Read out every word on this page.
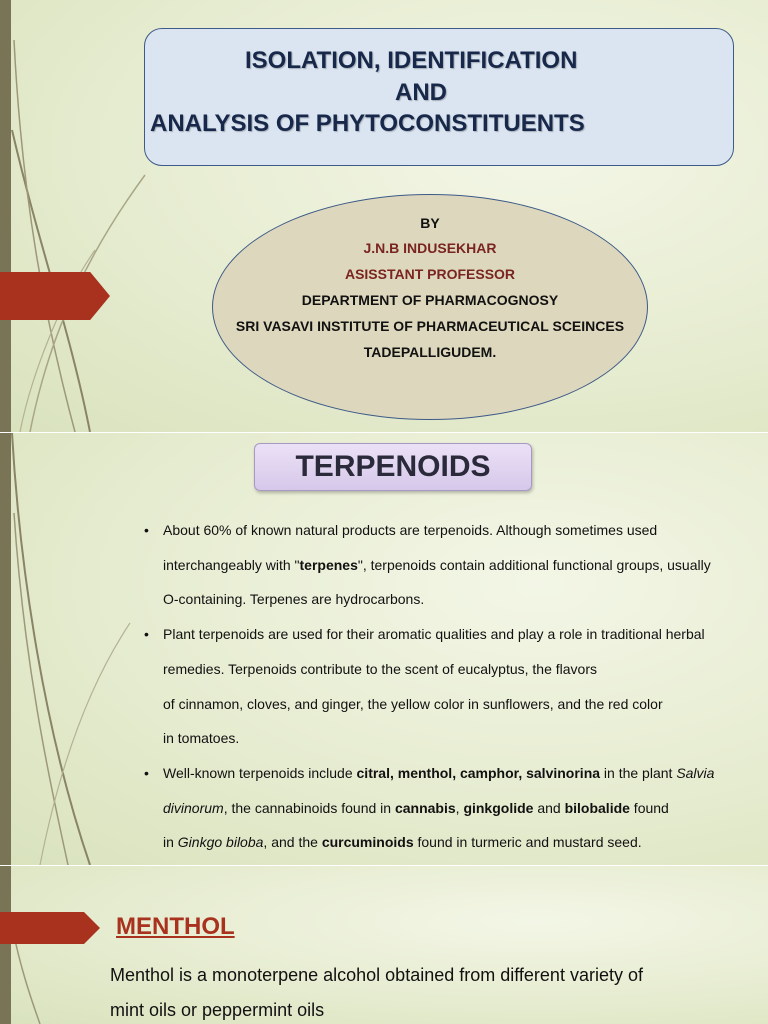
ISOLATION, IDENTIFICATION
AND
ANALYSIS OF PHYTOCONSTITUENTS
BY
J.N.B INDUSEKHAR
ASISSTANT PROFESSOR
DEPARTMENT OF PHARMACOGNOSY
SRI VASAVI INSTITUTE OF PHARMACEUTICAL SCEINCES
TADEPALLIGUDEM.
TERPENOIDS
• About 60% of known natural products are terpenoids. Although sometimes used
interchangeably with "terpenes", terpenoids contain additional functional groups, usually
O-containing. Terpenes are hydrocarbons.
• Plant terpenoids are used for their aromatic qualities and play a role in traditional herbal
remedies. Terpenoids contribute to the scent of eucalyptus, the flavors
of cinnamon, cloves, and ginger, the yellow color in sunflowers, and the red color
in tomatoes.
• Well-known terpenoids include citral, menthol, camphor, salvinorina in the plant Salvia
divinorum, the cannabinoids found in cannabis, ginkgolide and bilobalide found
in Ginkgo biloba, and the curcuminoids found in turmeric and mustard seed.
MENTHOL
Menthol is a monoterpene alcohol obtained from different variety of
mint oils or peppermint oils
